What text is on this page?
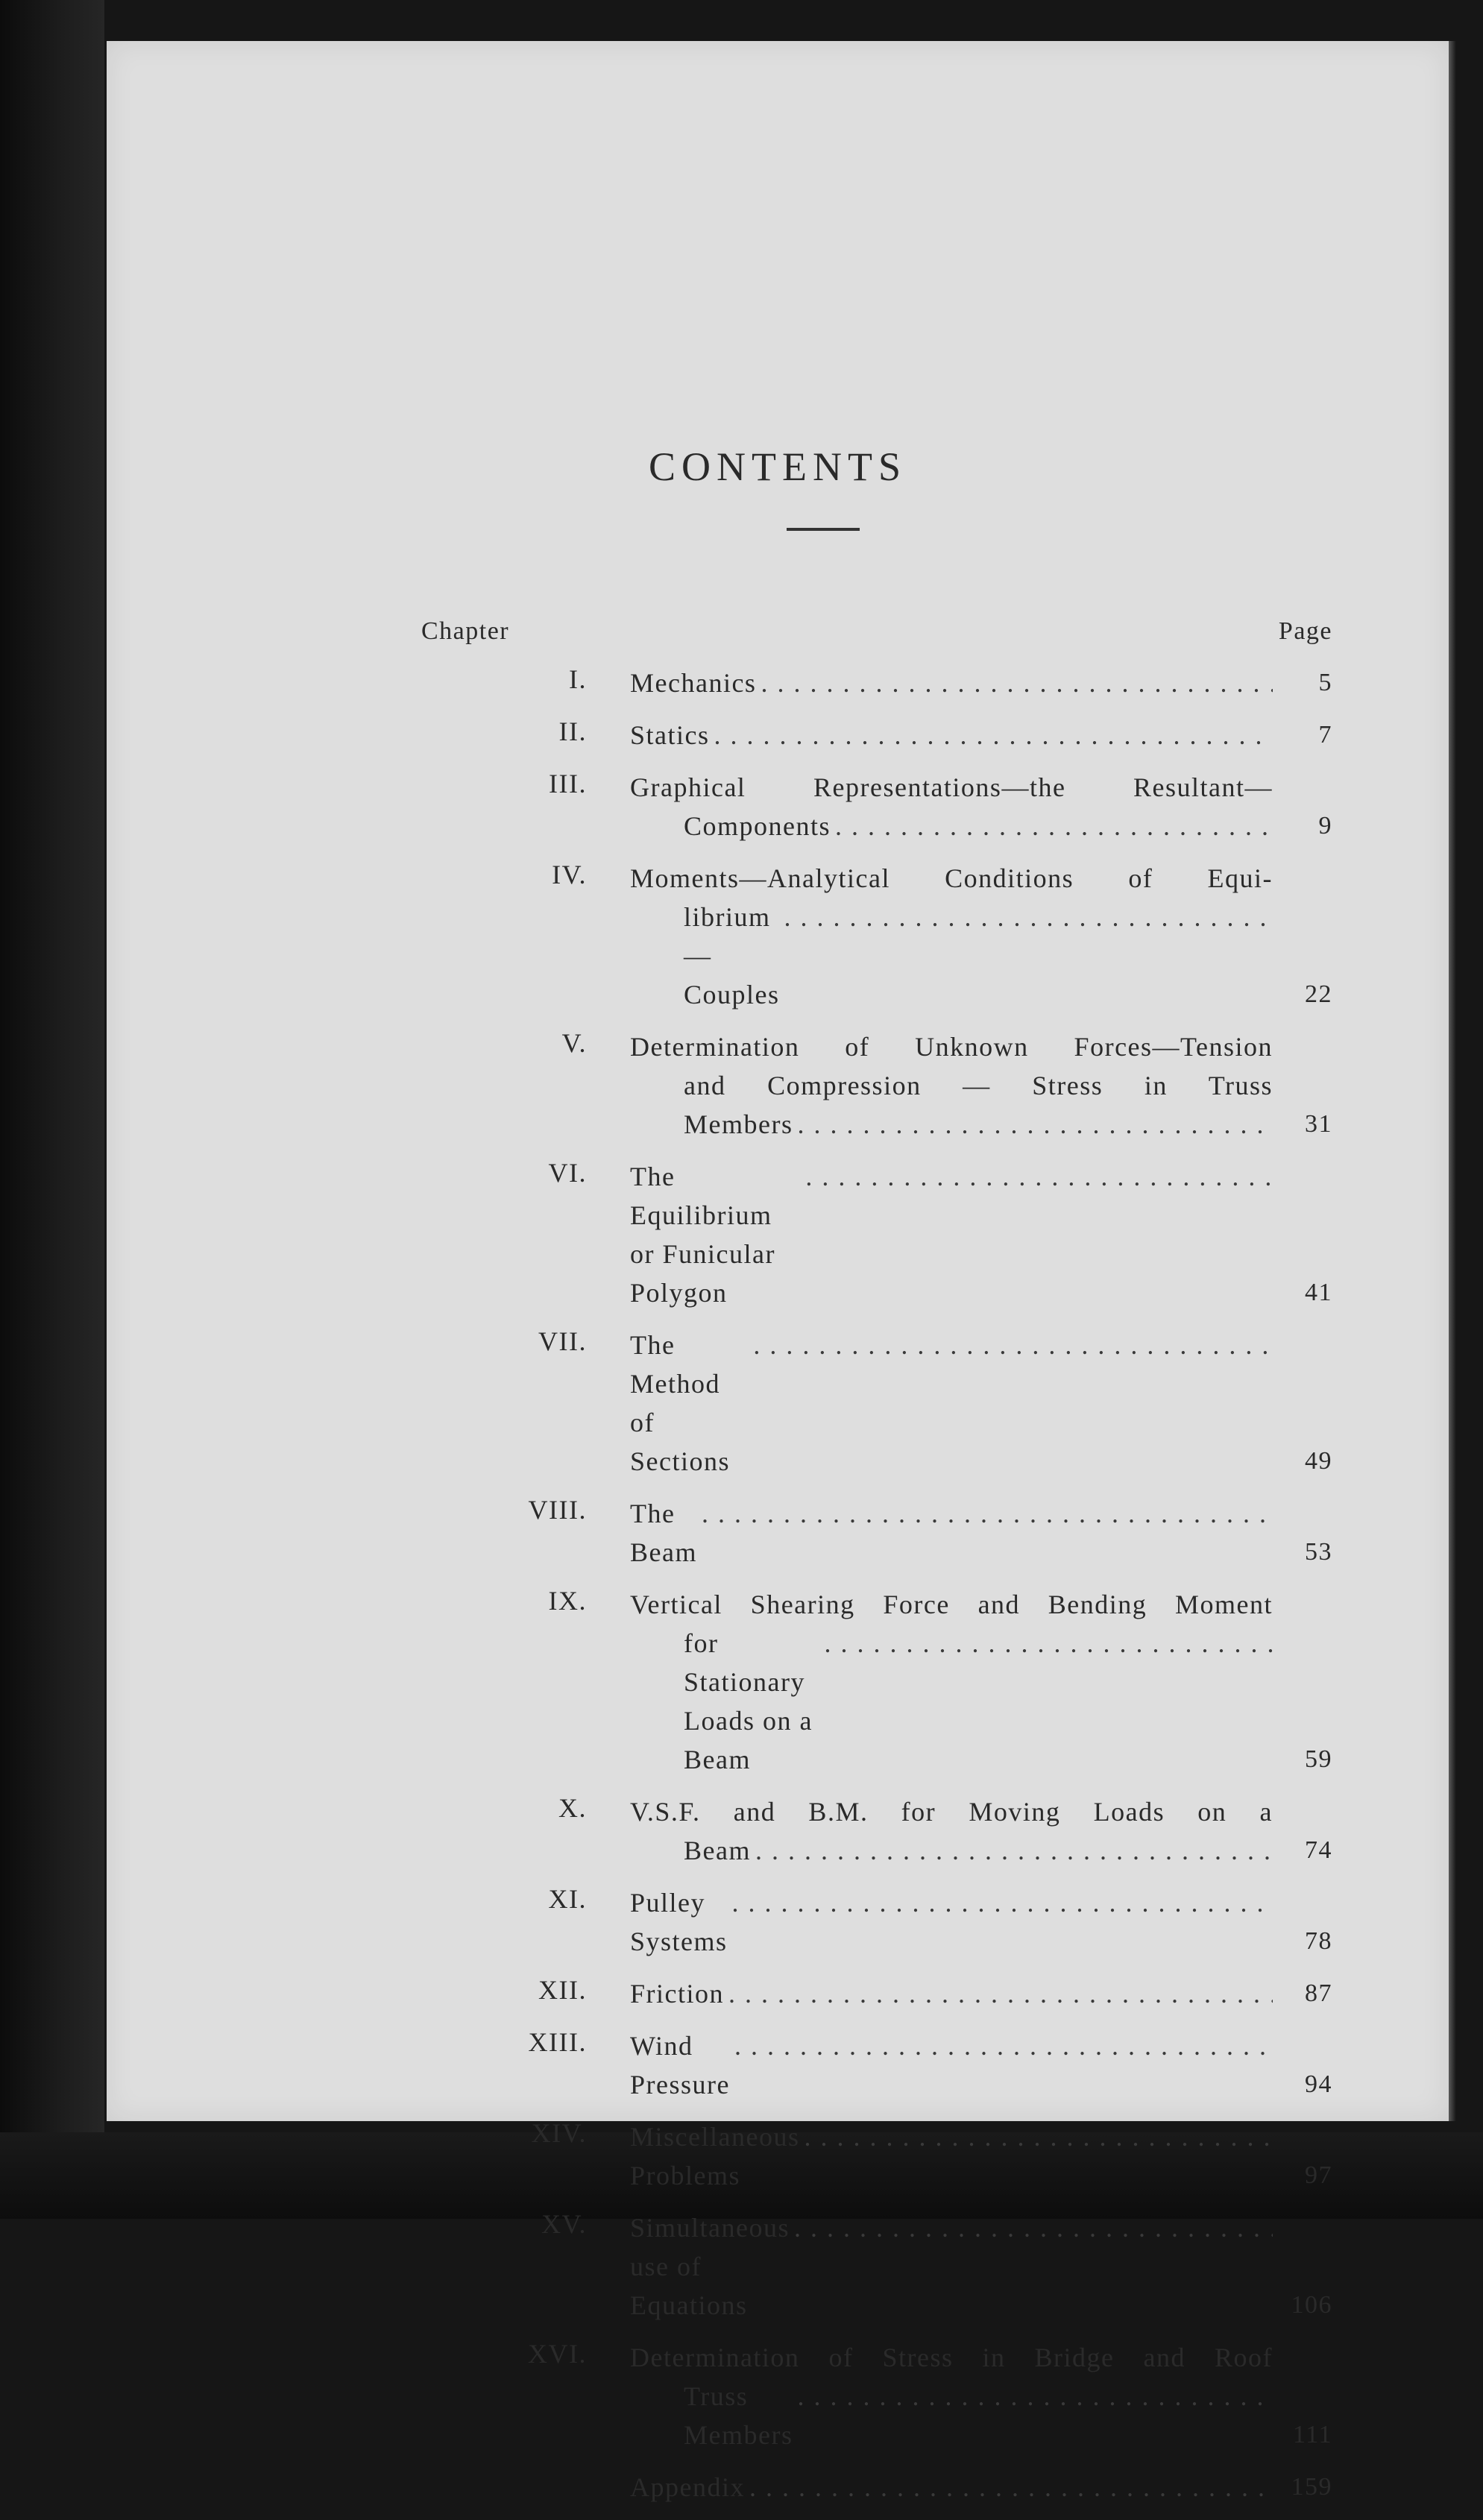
CONTENTS
Chapter	Page
I. Mechanics . . .	5
II. Statics . . .	7
III. Graphical Representations—the Resultant—
Components . . .	9
IV. Moments—Analytical Conditions of Equi-
librium—Couples
. . .	22
V. Determination of Unknown Forces—Tension
and Compression — Stress in Truss
Members . . .	31
VI. The Equilibrium or Funicular Polygon
. . .	41
VII. The Method of Sections
. . .	49
VIII. The Beam
. . .	53
IX. Vertical Shearing Force and Bending Moment
for Stationary Loads on a Beam
. . .	59
X. V.S.F. and B.M. for Moving Loads on a
Beam . . .	74
XI. Pulley Systems
. . .	78
XII. Friction . . .	87
XIII. Wind Pressure
. . .	94
XIV. Miscellaneous Problems
. . .	97
XV. Simultaneous use of Equations
. . .	106
XVI. Determination of Stress in Bridge and Roof
Truss Members
. . .	111
Appendix . . .	159
